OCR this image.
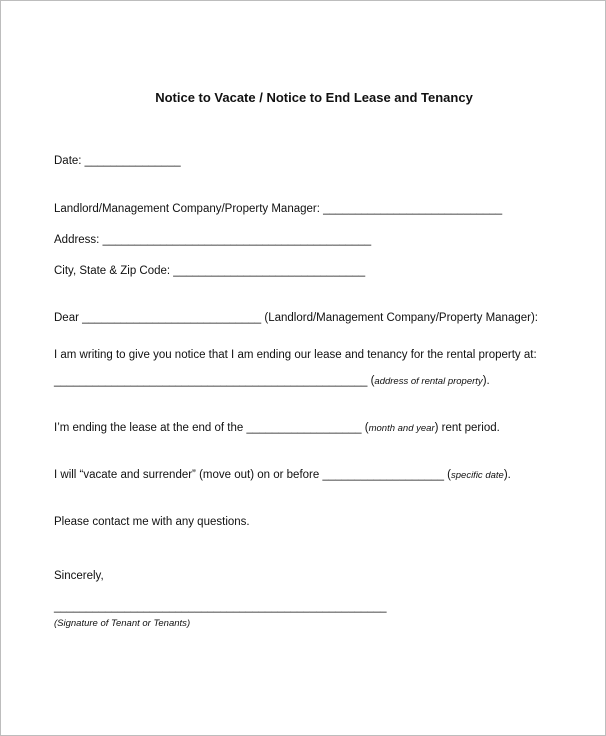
Notice to Vacate / Notice to End Lease and Tenancy
Date: _______________
Landlord/Management Company/Property Manager: ____________________________
Address: __________________________________________
City, State & Zip Code: ______________________________
Dear ____________________________ (Landlord/Management Company/Property Manager):
I am writing to give you notice that I am ending our lease and tenancy for the rental property at:
_________________________________________________ (address of rental property).
I’m ending the lease at the end of the __________________ (month and year) rent period.
I will “vacate and surrender” (move out) on or before ___________________ (specific date).
Please contact me with any questions.
Sincerely,
____________________________________________________
(Signature of Tenant or Tenants)
